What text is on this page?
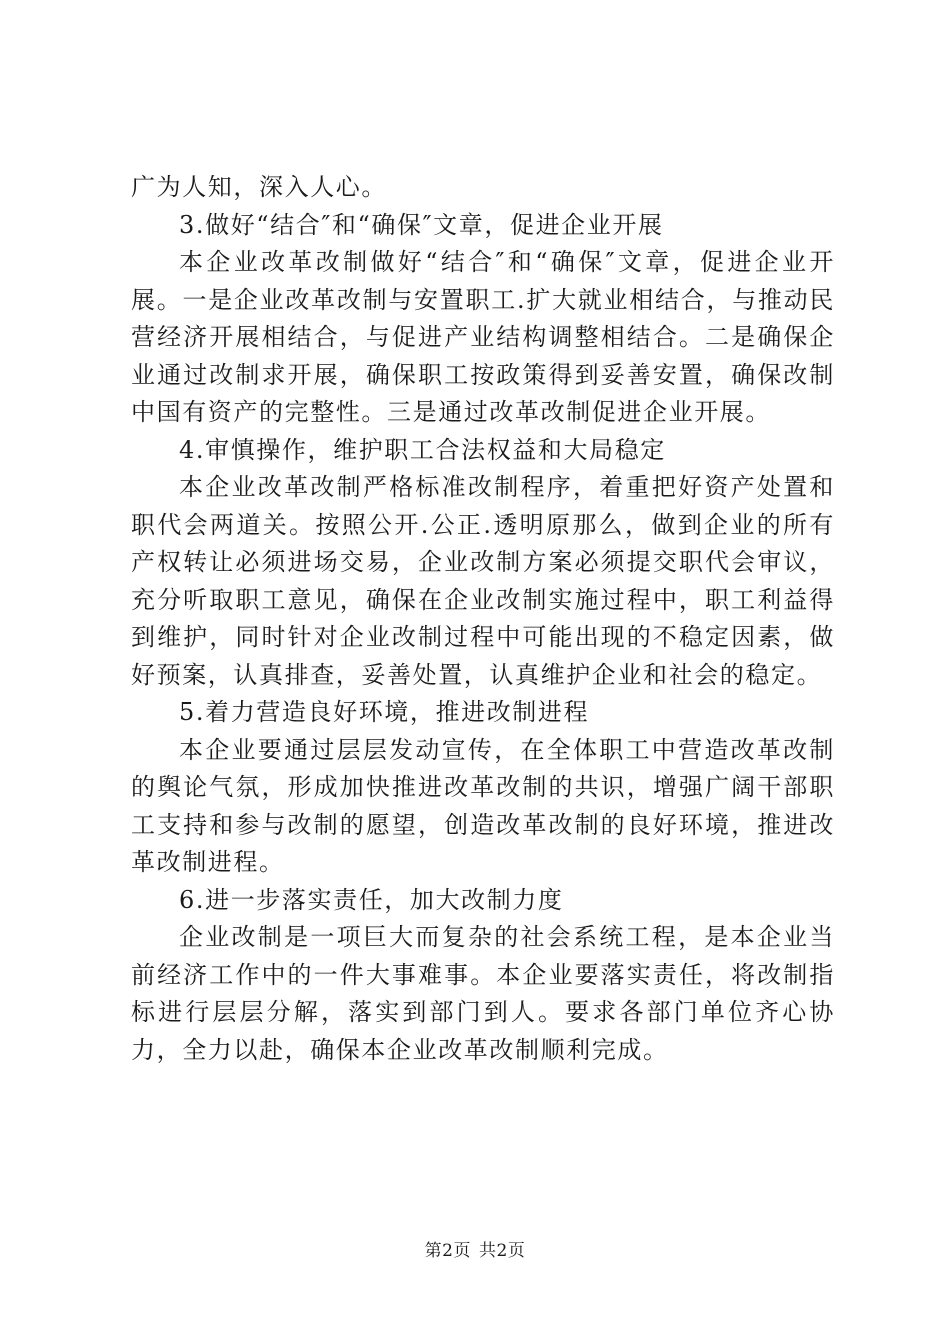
广为人知，深入人心。

3.做好“结合″和“确保″文章，促进企业开展

本企业改革改制做好“结合″和“确保″文章，促进企业开展。一是企业改革改制与安置职工.扩大就业相结合，与推动民营经济开展相结合，与促进产业结构调整相结合。二是确保企业通过改制求开展，确保职工按政策得到妥善安置，确保改制中国有资产的完整性。三是通过改革改制促进企业开展。

4.审慎操作，维护职工合法权益和大局稳定

本企业改革改制严格标准改制程序，着重把好资产处置和职代会两道关。按照公开.公正.透明原那么，做到企业的所有产权转让必须进场交易，企业改制方案必须提交职代会审议，充分听取职工意见，确保在企业改制实施过程中，职工利益得到维护，同时针对企业改制过程中可能出现的不稳定因素，做好预案，认真排查，妥善处置，认真维护企业和社会的稳定。

5.着力营造良好环境，推进改制进程

本企业要通过层层发动宣传，在全体职工中营造改革改制的舆论气氛，形成加快推进改革改制的共识，增强广阔干部职工支持和参与改制的愿望，创造改革改制的良好环境，推进改革改制进程。

6.进一步落实责任，加大改制力度

企业改制是一项巨大而复杂的社会系统工程，是本企业当前经济工作中的一件大事难事。本企业要落实责任，将改制指标进行层层分解，落实到部门到人。要求各部门单位齐心协力，全力以赴，确保本企业改革改制顺利完成。

第2页 共2页
